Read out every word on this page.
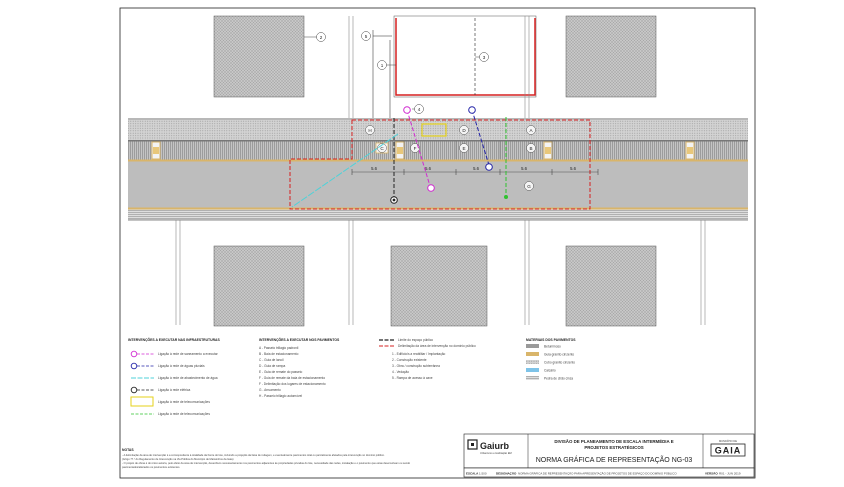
2	5
1
3
4
H	D	A
C	F	E	B
G
5.6	5.6	5.6	5.6	5.6
INTERVENÇÕES A EXECUTAR NAS INFRAESTRUTURAS
Ligação à rede de saneamento a executar
Ligação à rede de águas pluviais
Ligação à rede de abastecimento de água
Ligação à rede elétrica
Ligação à rede de telecomunicações
Ligação à rede de telecomunicações
INTERVENÇÕES A EXECUTAR NOS PAVIMENTOS
A - Passeio trillagio padronil
B - Baía de estacionamento
C - Guia de lancil
D - Guia de rampa
E - Guia de remate do passeio
F - Guia de remate da baía de estacionamento
F - Delimitação dos lugares de estacionamento
G - Arruamento
H - Passeio trillagio automóvel
Limite do espaço público
Delimitação da área de intervenção no domínio público
1 - Edifício/s a reabilitar / Implantação
2 - Construção existente
3 - Obra / construção subterrânea
4 - Vedação
5 - Rampa de acesso à cave
MATERIAIS DOS PAVIMENTOS
Betuminoso
Guia granito cinzento
Cubo granito cinzento
Calcário
Pedra de chão cinza
NOTAS
- A delimitação da área de intervenção é a correspondente à totalidade da frente do lote, incluindo a projeção da faixa de rodagem, e eventualmente pavimentos total ou parcialmente afetados pela intervenção no domínio público.
(Artigo 77.º do Regulamento de Intervenção na Via Pública do Município de Matosinhos da Gaia)
- O projeto de obras é do único autor/a, pelo efeito da área de intervenção, desenhá-lo necessariamente nos pavimentos adjacentes às propriedades privadas do lote, necessidade das redes, instalação e o pavimento que estas desenvolvam ou sendo
pavimentados/alterados os pavimentos existentes.
Gaiurb
Urbanismo e Habitação EM
DIVISÃO DE PLANEAMENTO DE ESCALA INTERMÉDIA E
PROJETOS ESTRATÉGICOS
NORMA GRÁFICA DE REPRESENTAÇÃO NG-03
MUNICÍPIO DE
GAIA
ESCALA 1:500	DESIGNAÇÃO NORMA GRÁFICA DE REPRESENTAÇÃO PARA APRESENTAÇÃO DE PROJETOS DE ESPAÇO DO DOMÍNIO PÚBLICO	VERSÃO R01 - JUN 2019
